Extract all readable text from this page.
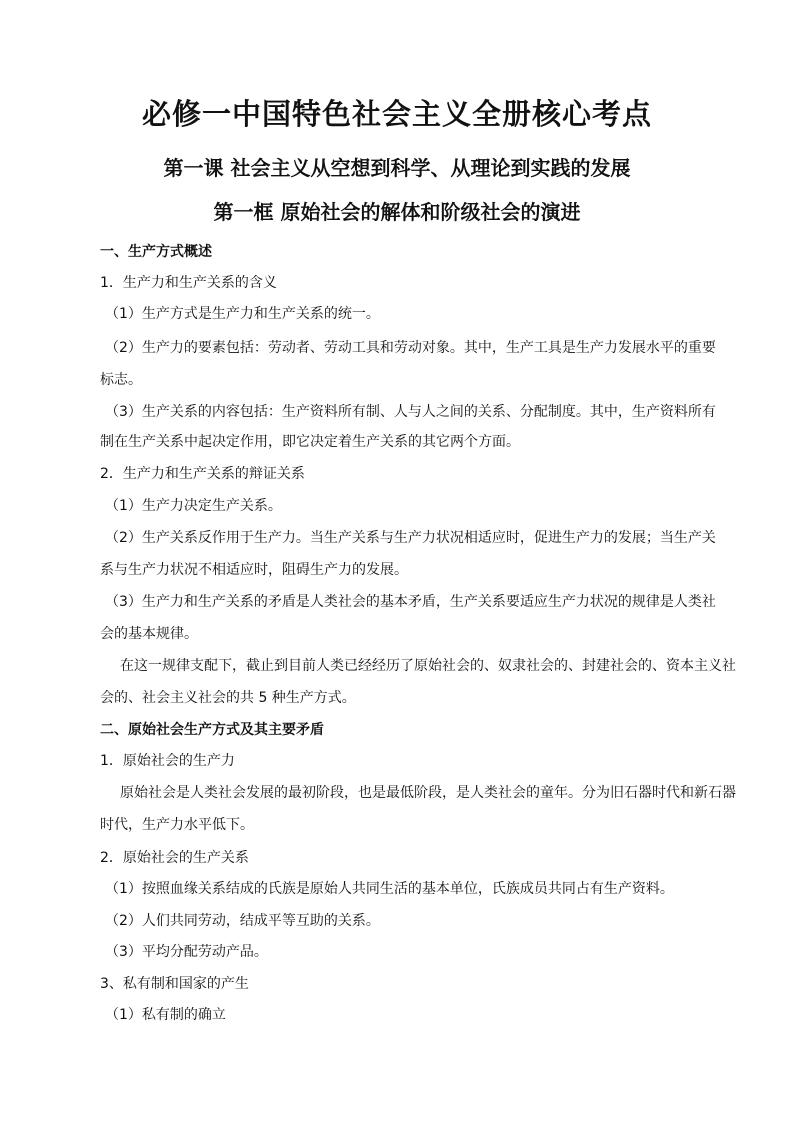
必修一中国特色社会主义全册核心考点
第一课 社会主义从空想到科学、从理论到实践的发展
第一框 原始社会的解体和阶级社会的演进
一、生产方式概述
1．生产力和生产关系的含义
（1）生产方式是生产力和生产关系的统一。
（2）生产力的要素包括：劳动者、劳动工具和劳动对象。其中，生产工具是生产力发展水平的重要
标志。
（3）生产关系的内容包括：生产资料所有制、人与人之间的关系、分配制度。其中，生产资料所有
制在生产关系中起决定作用，即它决定着生产关系的其它两个方面。
2．生产力和生产关系的辩证关系
（1）生产力决定生产关系。
（2）生产关系反作用于生产力。当生产关系与生产力状况相适应时，促进生产力的发展；当生产关
系与生产力状况不相适应时，阻碍生产力的发展。
（3）生产力和生产关系的矛盾是人类社会的基本矛盾，生产关系要适应生产力状况的规律是人类社
会的基本规律。
在这一规律支配下，截止到目前人类已经经历了原始社会的、奴隶社会的、封建社会的、资本主义社
会的、社会主义社会的共 5 种生产方式。
二、原始社会生产方式及其主要矛盾
1．原始社会的生产力
原始社会是人类社会发展的最初阶段，也是最低阶段，是人类社会的童年。分为旧石器时代和新石器
时代，生产力水平低下。
2．原始社会的生产关系
（1）按照血缘关系结成的氏族是原始人共同生活的基本单位，氏族成员共同占有生产资料。
（2）人们共同劳动，结成平等互助的关系。
（3）平均分配劳动产品。
3、私有制和国家的产生
（1）私有制的确立
